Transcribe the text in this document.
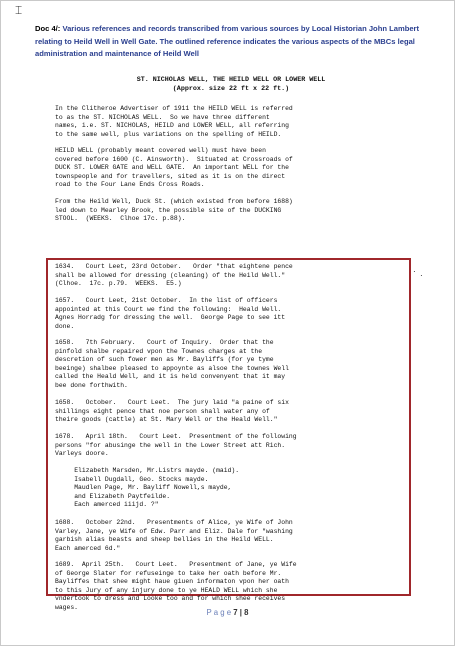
⌶
Doc 4/: Various references and records transcribed from various sources by Local Historian John Lambert relating to Heild Well in Well Gate. The outlined reference indicates the various aspects of the MBCs legal administration and maintenance of Heild Well
ST. NICHOLAS WELL, THE HEILD WELL OR LOWER WELL
(Approx. size 22 ft x 22 ft.)
In the Clitheroe Advertiser of 1911 the HEILD WELL is referred
to as the ST. NICHOLAS WELL.  So we have three different
names, i.e. ST. NICHOLAS, HEILD and LOWER WELL, all referring
to the same well, plus variations on the spelling of HEILD.
HEILD WELL (probably meant covered well) must have been
covered before 1600 (C. Ainsworth).  Situated at Crossroads of
DUCK ST. LOWER GATE and WELL GATE.  An important WELL for the
townspeople and for travellers, sited as it is on the direct
road to the Four Lane Ends Cross Roads.
From the Heild Well, Duck St. (which existed from before 1688)
led down to Mearley Brook, the possible site of the DUCKING
STOOL.  (WEEKS.  Clhoe 17c. p.88).
1634.   Court Leet, 23rd October.   Order "that eightene pence
shall be allowed for dressing (cleaning) of the Heild Well."
(Clhoe.  17c. p.79.  WEEKS.  E5.)
1657.   Court Leet, 21st October.  In the list of officers
appointed at this Court we find the following:  Heald Well.
Agnes Horradg for dressing the well.  George Page to see itt
done.
1658.   7th February.   Court of Inquiry.  Order that the
pinfold shalbe repaired vpon the Townes charges at the
descretion of such fower men as Mr. Bayliffs (for ye tyme
beeinge) shalbee pleased to appoynte as alsoe the townes Well
called the Heald Well, and it is held convenyent that it may
bee done forthwith.
1658.   October.   Court Leet.  The jury laid "a paine of six
shillings eight pence that noe person shall water any of
theire goods (cattle) at St. Mary Well or the Heald Well."
1678.   April 18th.   Court Leet.  Presentment of the following
persons "for abusinge the well in the Lower Street att Rich.
Varleys doore.
Elizabeth Marsden, Mr.Listrs mayde. (maid).
Isabell Dugdall, Geo. Stocks mayde.
Maudlen Page, Mr. Bayliff Nowell,s mayde,
and Elizabeth Paytfeilde.
Each amerced iiijd. ?"
1688.   October 22nd.   Presentments of Alice, ye Wife of John
Varley, Jane, ye Wife of Edw. Parr and Eliz. Dale for "washing
garbish alias beasts and sheep bellies in the Heild WELL.
Each amerced 6d."
1689.  April 25th.   Court Leet.   Presentment of Jane, ye Wife
of George Slater for refuseinge to take her oath before Mr.
Bayliffes that shee might haue giuen informaton vpon her oath
to this Jury of any injury done to ye HEALD WELL which she
vndertook to dress and Looke too and for which shee receives
wages.
· ·
P a g e 7 | 8
